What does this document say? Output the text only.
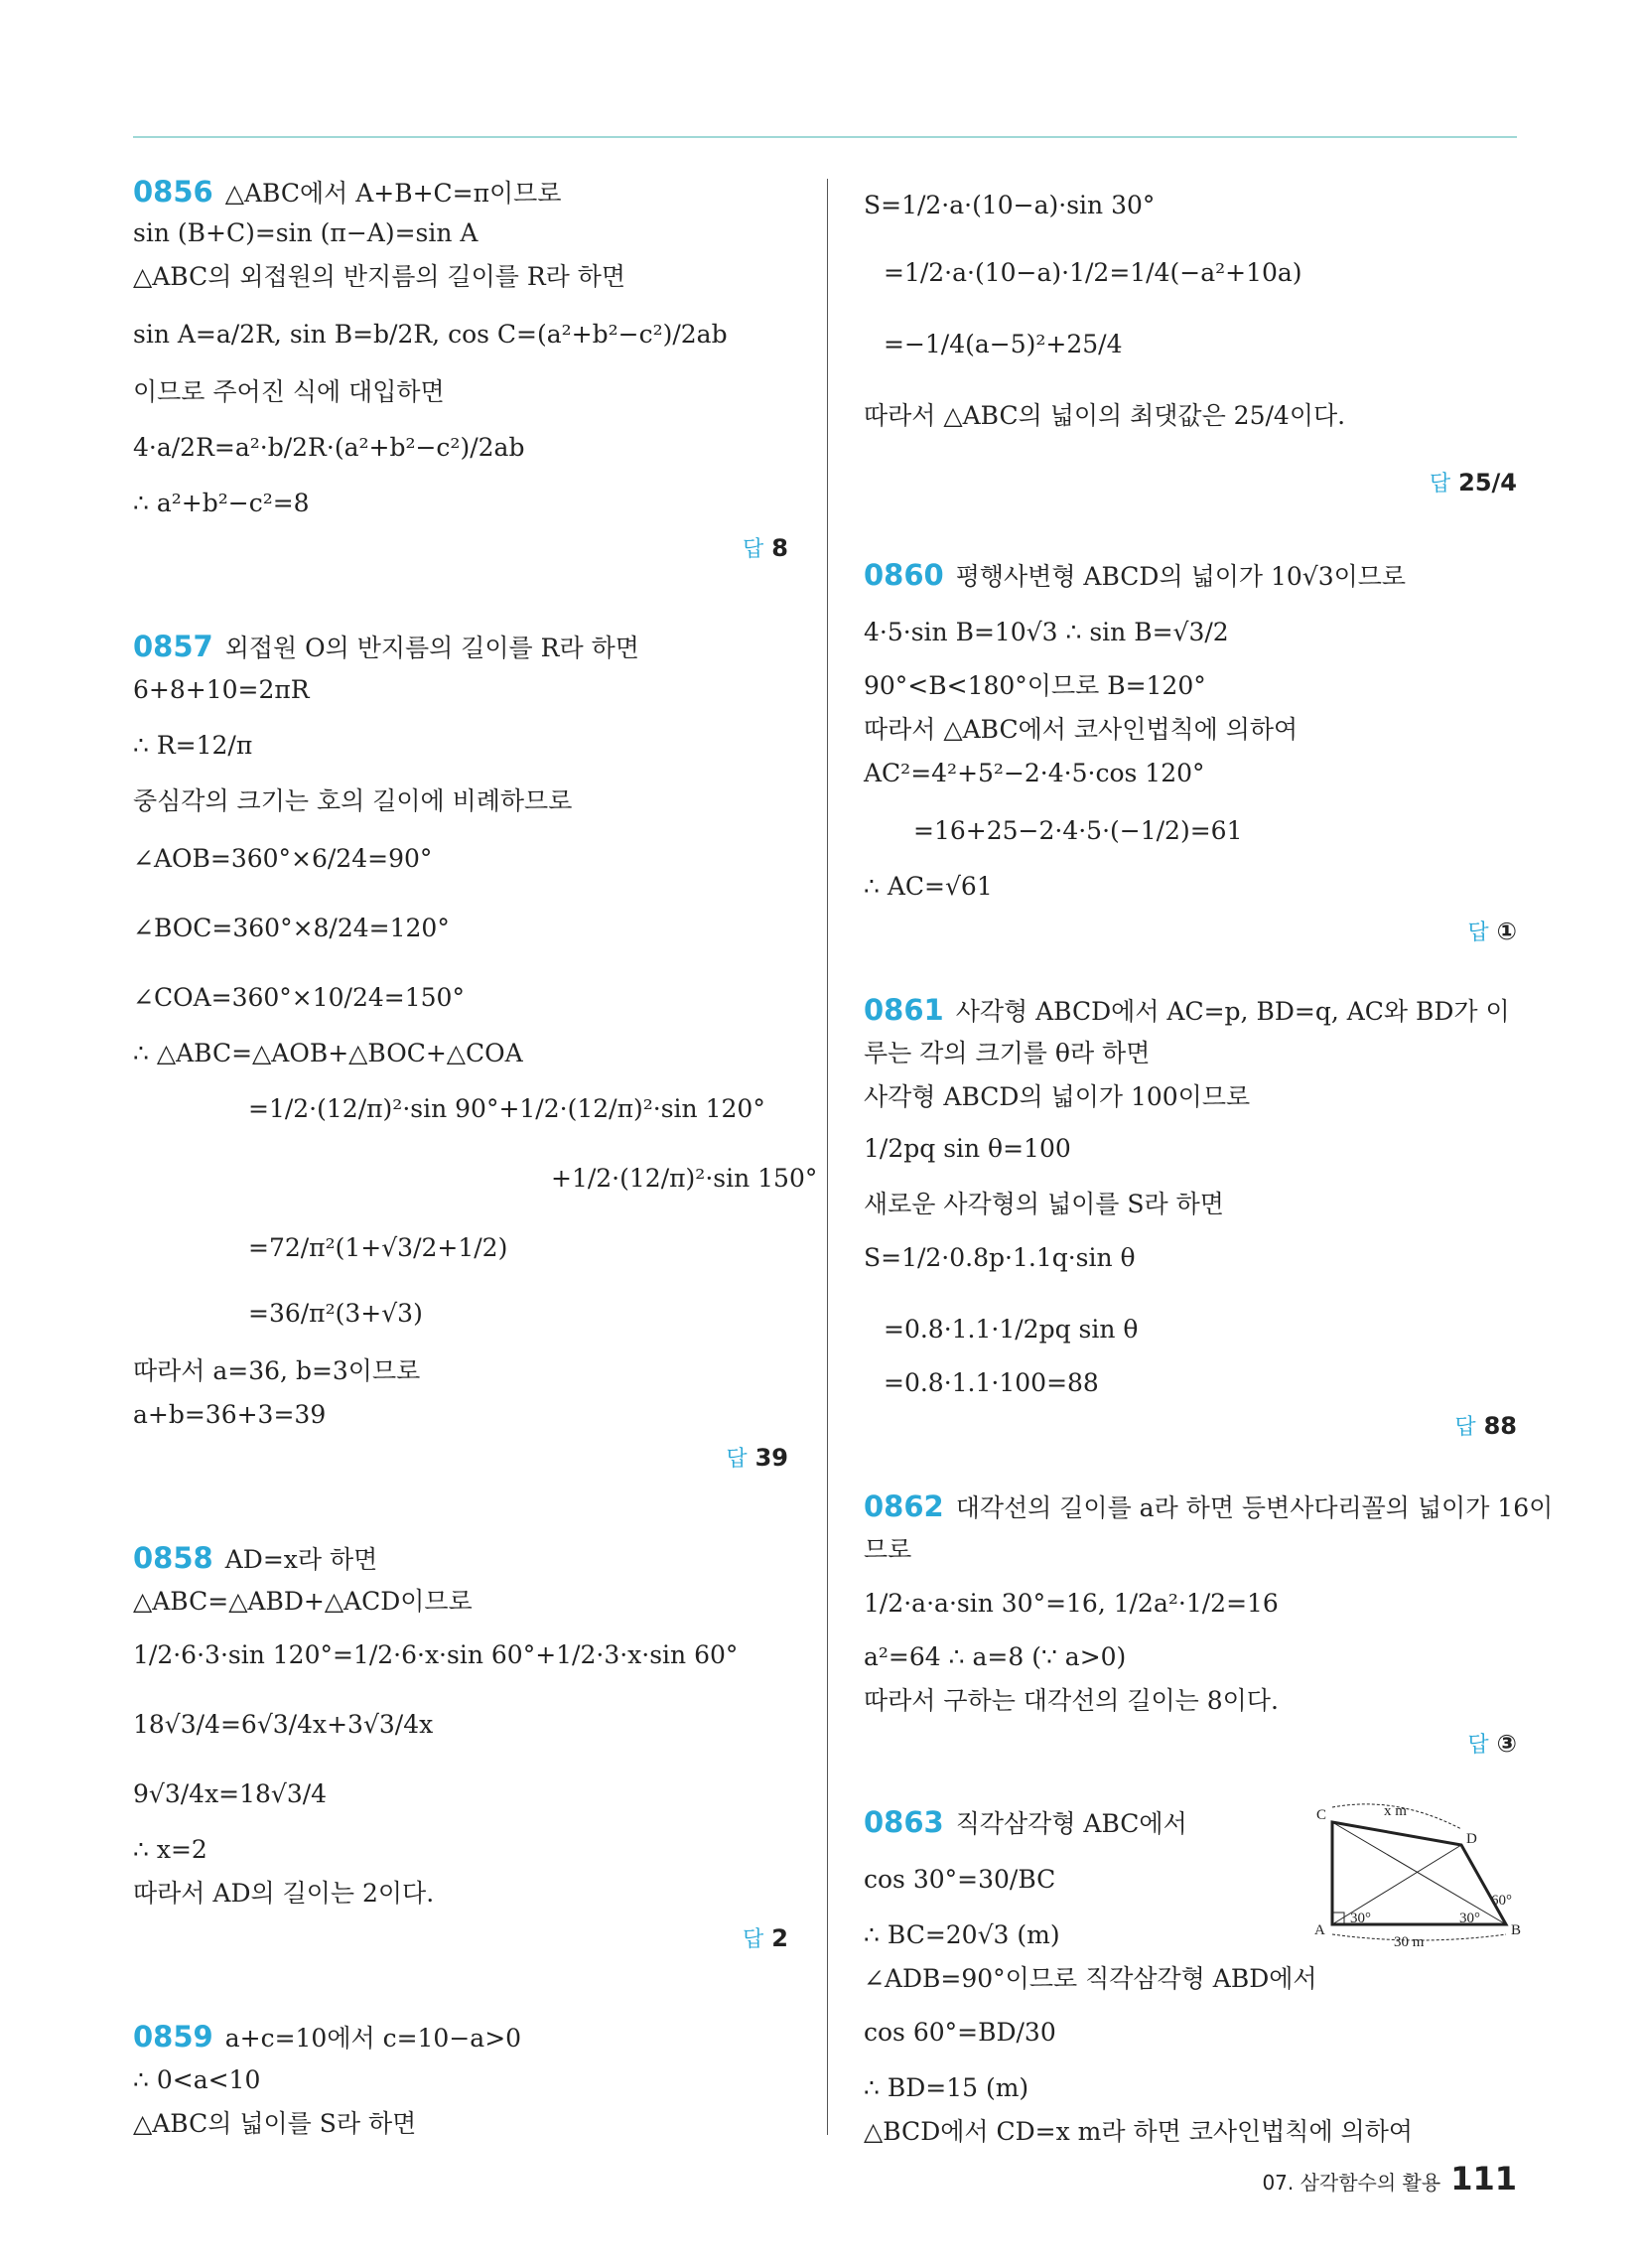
0856 △ABC에서 A+B+C=π이므로
sin (B+C)=sin (π−A)=sin A
△ABC의 외접원의 반지름의 길이를 R라 하면
sin A=a/2R, sin B=b/2R, cos C=(a²+b²−c²)/2ab
이므로 주어진 식에 대입하면
4·a/2R=a²·b/2R·(a²+b²−c²)/2ab
∴ a²+b²−c²=8
답 8
0857 외접원 O의 반지름의 길이를 R라 하면
6+8+10=2πR
∴ R=12/π
중심각의 크기는 호의 길이에 비례하므로
∠AOB=360°×6/24=90°
∠BOC=360°×8/24=120°
∠COA=360°×10/24=150°
∴ △ABC=△AOB+△BOC+△COA
=1/2·(12/π)²·sin 90°+1/2·(12/π)²·sin 120°
+1/2·(12/π)²·sin 150°
=72/π²(1+√3/2+1/2)
=36/π²(3+√3)
따라서 a=36, b=3이므로
a+b=36+3=39
답 39
0858 AD=x라 하면
△ABC=△ABD+△ACD이므로
1/2·6·3·sin 120°=1/2·6·x·sin 60°+1/2·3·x·sin 60°
18√3/4=6√3/4x+3√3/4x
9√3/4x=18√3/4
∴ x=2
따라서 AD의 길이는 2이다.
답 2
0859 a+c=10에서 c=10−a>0
∴ 0<a<10
△ABC의 넓이를 S라 하면
S=1/2·a·(10−a)·sin 30°
=1/2·a·(10−a)·1/2=1/4(−a²+10a)
=−1/4(a−5)²+25/4
따라서 △ABC의 넓이의 최댓값은 25/4이다.
답 25/4
0860 평행사변형 ABCD의 넓이가 10√3이므로
4·5·sin B=10√3 ∴ sin B=√3/2
90°<B<180°이므로 B=120°
따라서 △ABC에서 코사인법칙에 의하여
AC²=4²+5²−2·4·5·cos 120°
=16+25−2·4·5·(−1/2)=61
∴ AC=√61
답 ①
0861 사각형 ABCD에서 AC=p, BD=q, AC와 BD가 이
루는 각의 크기를 θ라 하면
사각형 ABCD의 넓이가 100이므로
1/2pq sin θ=100
새로운 사각형의 넓이를 S라 하면
S=1/2·0.8p·1.1q·sin θ
=0.8·1.1·1/2pq sin θ
=0.8·1.1·100=88
답 88
0862 대각선의 길이를 a라 하면 등변사다리꼴의 넓이가 16이
므로
1/2·a·a·sin 30°=16, 1/2a²·1/2=16
a²=64 ∴ a=8 (∵ a>0)
따라서 구하는 대각선의 길이는 8이다.
답 ③
0863 직각삼각형 ABC에서
cos 30°=30/BC
∴ BC=20√3 (m)
∠ADB=90°이므로 직각삼각형 ABD에서
cos 60°=BD/30
∴ BD=15 (m)
△BCD에서 CD=x m라 하면 코사인법칙에 의하여
C
D
A	B
x m
60°
30°	30°
30 m
07. 삼각함수의 활용 111
